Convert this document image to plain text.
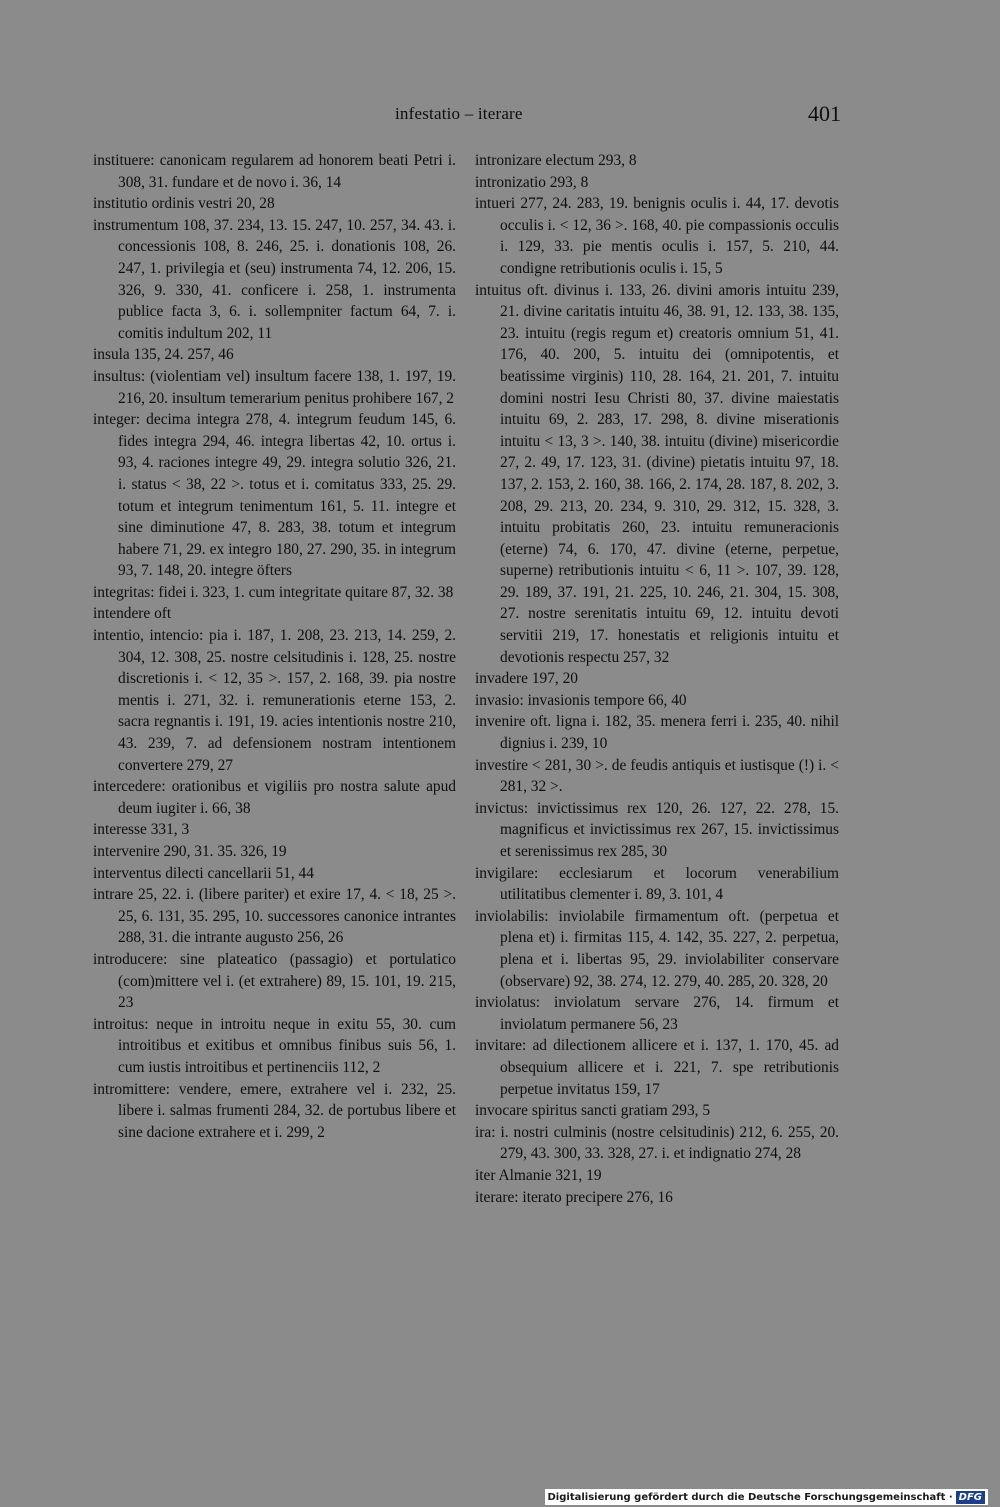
infestatio – iterare	401

instituere: canonicam regularem ad honorem beati Petri i. 308, 31. fundare et de novo i. 36, 14

institutio ordinis vestri 20, 28

instrumentum 108, 37. 234, 13. 15. 247, 10. 257, 34. 43. i. concessionis 108, 8. 246, 25. i. donationis 108, 26. 247, 1. privilegia et (seu) instrumenta 74, 12. 206, 15. 326, 9. 330, 41. conficere i. 258, 1. instrumenta publice facta 3, 6. i. sollempniter factum 64, 7. i. comitis indultum 202, 11

insula 135, 24. 257, 46

insultus: (violentiam vel) insultum facere 138, 1. 197, 19. 216, 20. insultum temerarium penitus prohibere 167, 2

integer: decima integra 278, 4. integrum feudum 145, 6. fides integra 294, 46. integra libertas 42, 10. ortus i. 93, 4. raciones integre 49, 29. integra solutio 326, 21. i. status < 38, 22 >. totus et i. comitatus 333, 25. 29. totum et integrum tenimentum 161, 5. 11. integre et sine diminutione 47, 8. 283, 38. totum et integrum habere 71, 29. ex integro 180, 27. 290, 35. in integrum 93, 7. 148, 20. integre öfters

integritas: fidei i. 323, 1. cum integritate quitare 87, 32. 38

intendere oft

intentio, intencio: pia i. 187, 1. 208, 23. 213, 14. 259, 2. 304, 12. 308, 25. nostre celsitudinis i. 128, 25. nostre discretionis i. < 12, 35 >. 157, 2. 168, 39. pia nostre mentis i. 271, 32. i. remunerationis eterne 153, 2. sacra regnantis i. 191, 19. acies intentionis nostre 210, 43. 239, 7. ad defensionem nostram intentionem convertere 279, 27

intercedere: orationibus et vigiliis pro nostra salute apud deum iugiter i. 66, 38

interesse 331, 3

intervenire 290, 31. 35. 326, 19

interventus dilecti cancellarii 51, 44

intrare 25, 22. i. (libere pariter) et exire 17, 4. < 18, 25 >. 25, 6. 131, 35. 295, 10. successores canonice intrantes 288, 31. die intrante augusto 256, 26

introducere: sine plateatico (passagio) et portulatico (com)mittere vel i. (et extrahere) 89, 15. 101, 19. 215, 23

introitus: neque in introitu neque in exitu 55, 30. cum introitibus et exitibus et omnibus finibus suis 56, 1. cum iustis introitibus et pertinenciis 112, 2

intromittere: vendere, emere, extrahere vel i. 232, 25. libere i. salmas frumenti 284, 32. de portubus libere et sine dacione extrahere et i. 299, 2

intronizare electum 293, 8

intronizatio 293, 8

intueri 277, 24. 283, 19. benignis oculis i. 44, 17. devotis occulis i. < 12, 36 >. 168, 40. pie compassionis occulis i. 129, 33. pie mentis oculis i. 157, 5. 210, 44. condigne retributionis oculis i. 15, 5

intuitus oft. divinus i. 133, 26. divini amoris intuitu 239, 21. divine caritatis intuitu 46, 38. 91, 12. 133, 38. 135, 23. intuitu (regis regum et) creatoris omnium 51, 41. 176, 40. 200, 5. intuitu dei (omnipotentis, et beatissime virginis) 110, 28. 164, 21. 201, 7. intuitu domini nostri Iesu Christi 80, 37. divine maiestatis intuitu 69, 2. 283, 17. 298, 8. divine miserationis intuitu < 13, 3 >. 140, 38. intuitu (divine) misericordie 27, 2. 49, 17. 123, 31. (divine) pietatis intuitu 97, 18. 137, 2. 153, 2. 160, 38. 166, 2. 174, 28. 187, 8. 202, 3. 208, 29. 213, 20. 234, 9. 310, 29. 312, 15. 328, 3. intuitu probitatis 260, 23. intuitu remuneracionis (eterne) 74, 6. 170, 47. divine (eterne, perpetue, superne) retributionis intuitu < 6, 11 >. 107, 39. 128, 29. 189, 37. 191, 21. 225, 10. 246, 21. 304, 15. 308, 27. nostre serenitatis intuitu 69, 12. intuitu devoti servitii 219, 17. honestatis et religionis intuitu et devotionis respectu 257, 32

invadere 197, 20

invasio: invasionis tempore 66, 40

invenire oft. ligna i. 182, 35. menera ferri i. 235, 40. nihil dignius i. 239, 10

investire < 281, 30 >. de feudis antiquis et iustisque (!) i. < 281, 32 >.

invictus: invictissimus rex 120, 26. 127, 22. 278, 15. magnificus et invictissimus rex 267, 15. invictissimus et serenissimus rex 285, 30

invigilare: ecclesiarum et locorum venerabilium utilitatibus clementer i. 89, 3. 101, 4

inviolabilis: inviolabile firmamentum oft. (perpetua et plena et) i. firmitas 115, 4. 142, 35. 227, 2. perpetua, plena et i. libertas 95, 29. inviolabiliter conservare (observare) 92, 38. 274, 12. 279, 40. 285, 20. 328, 20

inviolatus: inviolatum servare 276, 14. firmum et inviolatum permanere 56, 23

invitare: ad dilectionem allicere et i. 137, 1. 170, 45. ad obsequium allicere et i. 221, 7. spe retributionis perpetue invitatus 159, 17

invocare spiritus sancti gratiam 293, 5

ira: i. nostri culminis (nostre celsitudinis) 212, 6. 255, 20. 279, 43. 300, 33. 328, 27. i. et indignatio 274, 28

iter Almanie 321, 19

iterare: iterato precipere 276, 16

Digitalisierung gefördert durch die Deutsche Forschungsgemeinschaft · DFG
